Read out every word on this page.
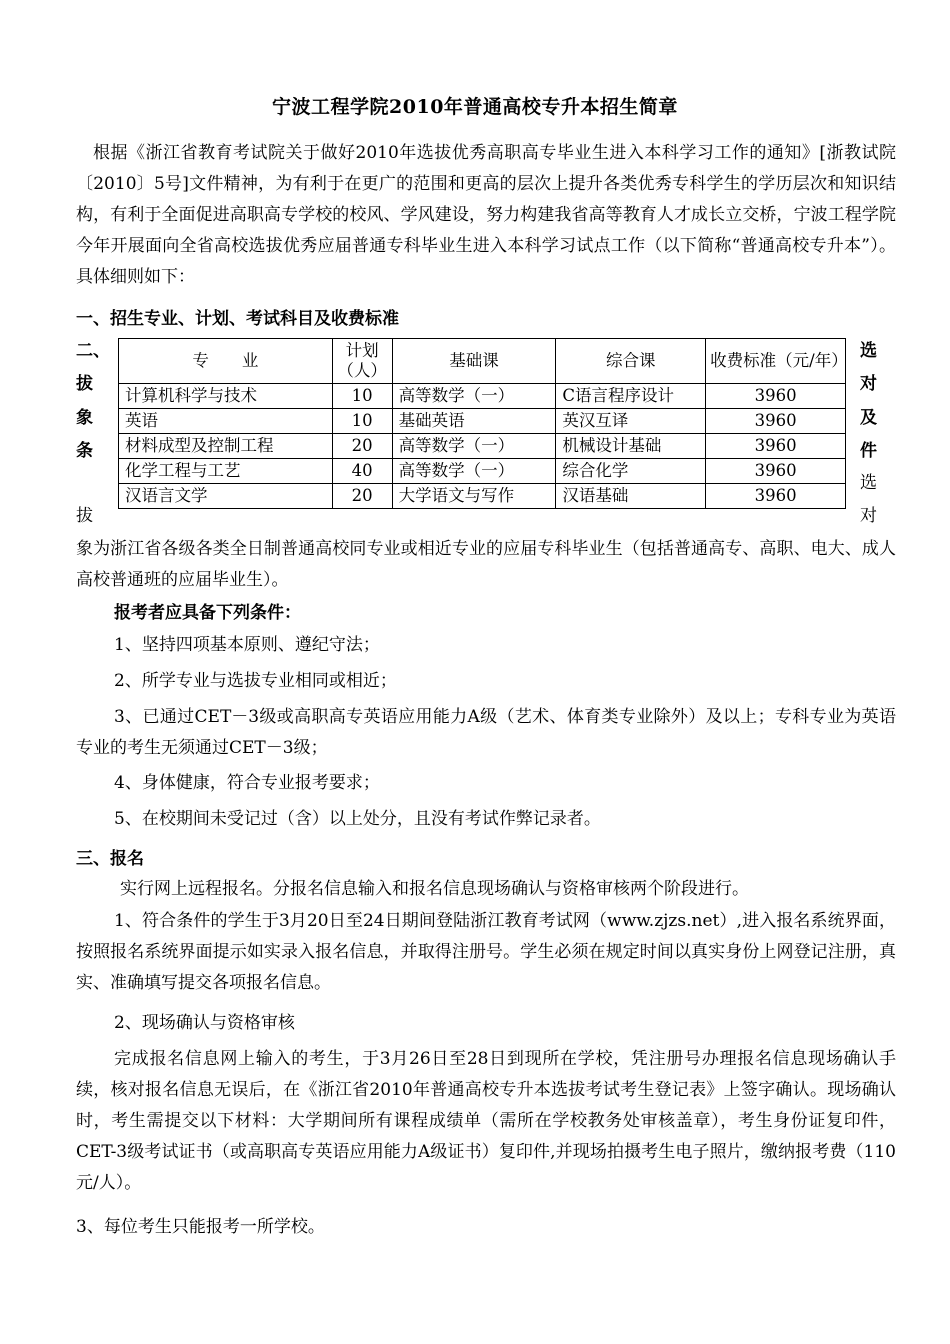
宁波工程学院2010年普通高校专升本招生简章

根据《浙江省教育考试院关于做好2010年选拔优秀高职高专毕业生进入本科学习工作的通知》[浙教试院〔2010〕5号]文件精神，为有利于在更广的范围和更高的层次上提升各类优秀专科学生的学历层次和知识结构，有利于全面促进高职高专学校的校风、学风建设，努力构建我省高等教育人才成长立交桥，宁波工程学院今年开展面向全省高校选拔优秀应届普通专科毕业生进入本科学习试点工作（以下简称“普通高校专升本”）。具体细则如下：

一、招生专业、计划、考试科目及收费标准

二、
拔
象
条
拔
选
对
及
件
选
对
专　　业	计划（人）	基础课	综合课	收费标准（元/年）
计算机科学与技术	10	高等数学（一）	C语言程序设计	3960
英语	10	基础英语	英汉互译	3960
材料成型及控制工程	20	高等数学（一）	机械设计基础	3960
化学工程与工艺	40	高等数学（一）	综合化学	3960
汉语言文学	20	大学语文与写作	汉语基础	3960

象为浙江省各级各类全日制普通高校同专业或相近专业的应届专科毕业生（包括普通高专、高职、电大、成人高校普通班的应届毕业生）。

报考者应具备下列条件：

1、坚持四项基本原则、遵纪守法；

2、所学专业与选拔专业相同或相近；

3、已通过CET－3级或高职高专英语应用能力A级（艺术、体育类专业除外）及以上；专科专业为英语专业的考生无须通过CET－3级；

4、身体健康，符合专业报考要求；

5、在校期间未受记过（含）以上处分，且没有考试作弊记录者。

三、报名

实行网上远程报名。分报名信息输入和报名信息现场确认与资格审核两个阶段进行。

1、符合条件的学生于3月20日至24日期间登陆浙江教育考试网（www.zjzs.net）,进入报名系统界面，按照报名系统界面提示如实录入报名信息，并取得注册号。学生必须在规定时间以真实身份上网登记注册，真实、准确填写提交各项报名信息。

2、现场确认与资格审核

完成报名信息网上输入的考生，于3月26日至28日到现所在学校，凭注册号办理报名信息现场确认手续，核对报名信息无误后，在《浙江省2010年普通高校专升本选拔考试考生登记表》上签字确认。现场确认时，考生需提交以下材料：大学期间所有课程成绩单（需所在学校教务处审核盖章），考生身份证复印件，CET-3级考试证书（或高职高专英语应用能力A级证书）复印件,并现场拍摄考生电子照片，缴纳报考费（110元/人）。

3、每位考生只能报考一所学校。
